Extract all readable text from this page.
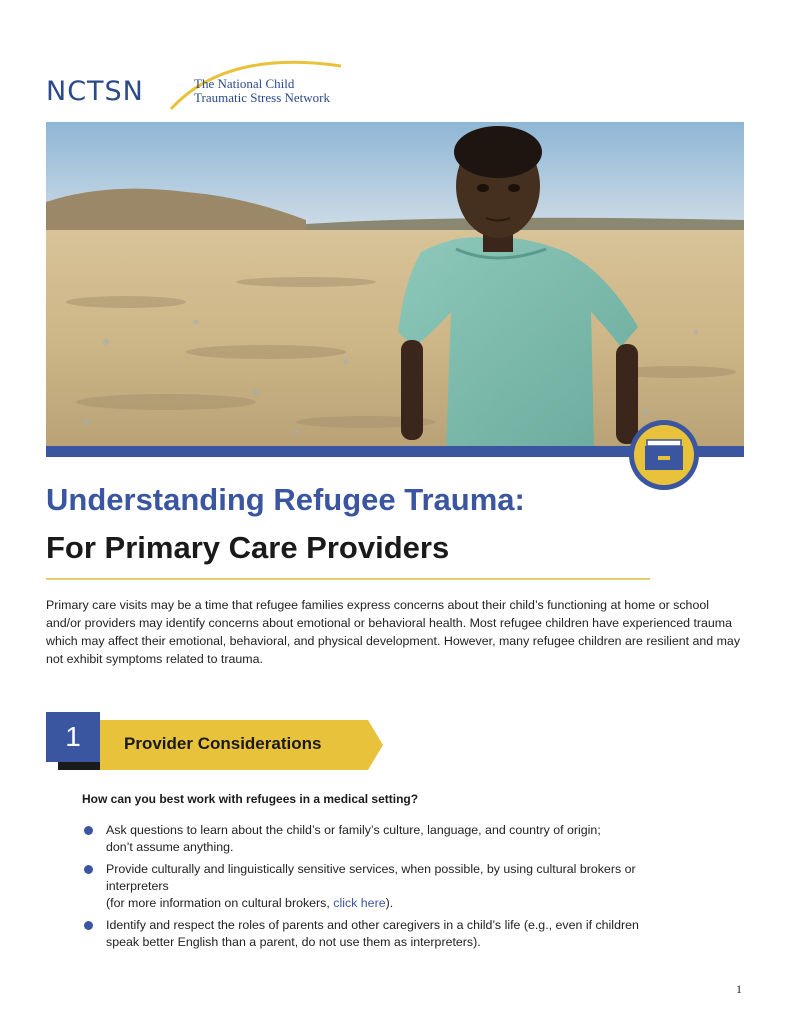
NCTSN	The National Child
Traumatic Stress Network
Understanding Refugee Trauma:
For Primary Care Providers

Primary care visits may be a time that refugee families express concerns about their child’s functioning at home or school and/or providers may identify concerns about emotional or behavioral health. Most refugee children have experienced trauma which may affect their emotional, behavioral, and physical development. However, many refugee children are resilient and may not exhibit symptoms related to trauma.

1	Provider Considerations
How can you best work with refugees in a medical setting?
Ask questions to learn about the child’s or family’s culture, language, and country of origin;
don’t assume anything.
Provide culturally and linguistically sensitive services, when possible, by using cultural brokers or
interpreters
(for more information on cultural brokers, click here).
Identify and respect the roles of parents and other caregivers in a child’s life (e.g., even if children
speak better English than a parent, do not use them as interpreters).
1
